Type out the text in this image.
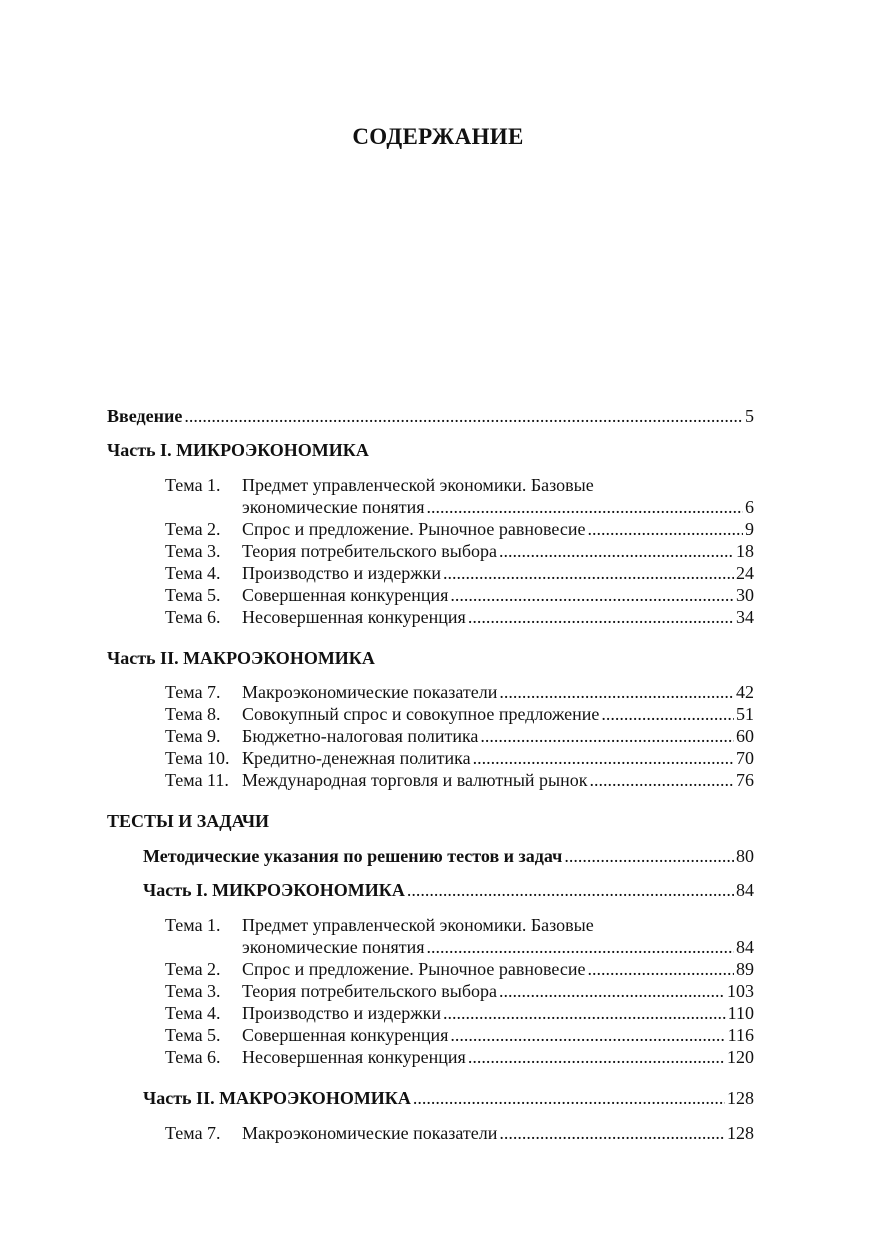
СОДЕРЖАНИЕ
Введение .....	5
Часть I. МИКРОЭКОНОМИКА
Тема 1. Предмет управленческой экономики. Базовые
экономические понятия .....	6
Тема 2. Спрос и предложение. Рыночное равновесие .....	9
Тема 3. Теория потребительского выбора .....	18
Тема 4. Производство и издержки .....	24
Тема 5. Совершенная конкуренция .....	30
Тема 6. Несовершенная конкуренция .....	34
Часть II. МАКРОЭКОНОМИКА
Тема 7. Макроэкономические показатели .....	42
Тема 8. Совокупный спрос и совокупное предложение .....	51
Тема 9. Бюджетно-налоговая политика .....	60
Тема 10. Кредитно-денежная политика .....	70
Тема 11. Международная торговля и валютный рынок .....	76
ТЕСТЫ И ЗАДАЧИ
Методические указания по решению тестов и задач .....	80
Часть I. МИКРОЭКОНОМИКА .....	84
Тема 1. Предмет управленческой экономики. Базовые
экономические понятия .....	84
Тема 2. Спрос и предложение. Рыночное равновесие .....	89
Тема 3. Теория потребительского выбора .....	103
Тема 4. Производство и издержки .....	110
Тема 5. Совершенная конкуренция .....	116
Тема 6. Несовершенная конкуренция .....	120
Часть II. МАКРОЭКОНОМИКА .....	128
Тема 7. Макроэкономические показатели .....	128
